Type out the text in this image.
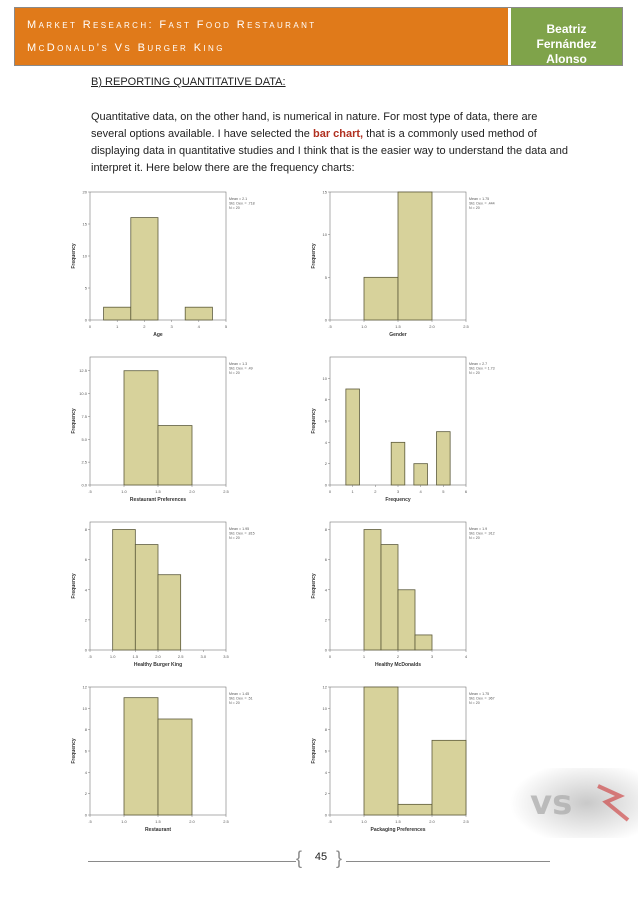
Market Research: Fast Food Restaurant
McDonald’s Vs Burger King
Beatriz Fernández Alonso
B) REPORTING QUANTITATIVE DATA:
Quantitative data, on the other hand, is numerical in nature. For most type of data, there are several options available. I have selected the bar chart, that is a commonly used method of displaying data in quantitative studies and I think that is the easier way to understand the data and interpret it. Here below there are the frequency charts:
0	1	2	3	4	5
0
5
10
15
20
Age
Frequency
Mean = 2.1
Std. Dev. = .718
N = 20
.5	1.0	1.5	2.0	2.5
0
5
10
15
Gender
Frequency
Mean = 1.75
Std. Dev. = .444
N = 20
.5	1.0	1.5	2.0	2.5
0.0
2.5
5.0
7.5
10.0
12.5
Restaurant Preferences
Frequency
Mean = 1.3
Std. Dev. = .49
N = 20
0	1	2	3	4	5	6
0
2
4
6
8
10
Frequency
Frequency
Mean = 2.7
Std. Dev. = 1.73
N = 20
.5	1.0	1.5	2.0	2.5	3.0	3.5
0
2
4
6
8
Healthy Burger King
Frequency
Mean = 1.95
Std. Dev. = .815
N = 20
0	1	2	3	4
0
2
4
6
8
Healthy McDonalds
Frequency
Mean = 1.9
Std. Dev. = .912
N = 20
.5	1.0	1.5	2.0	2.5
0
2
4
6
8
10
12
Restaurant
Frequency
Mean = 1.45
Std. Dev. = .51
N = 20
.5	1.0	1.5	2.0	2.5
0
2
4
6
8
10
12
Packaging Preferences
Frequency
Mean = 1.75
Std. Dev. = .967
N = 20
vs
{ }
45
